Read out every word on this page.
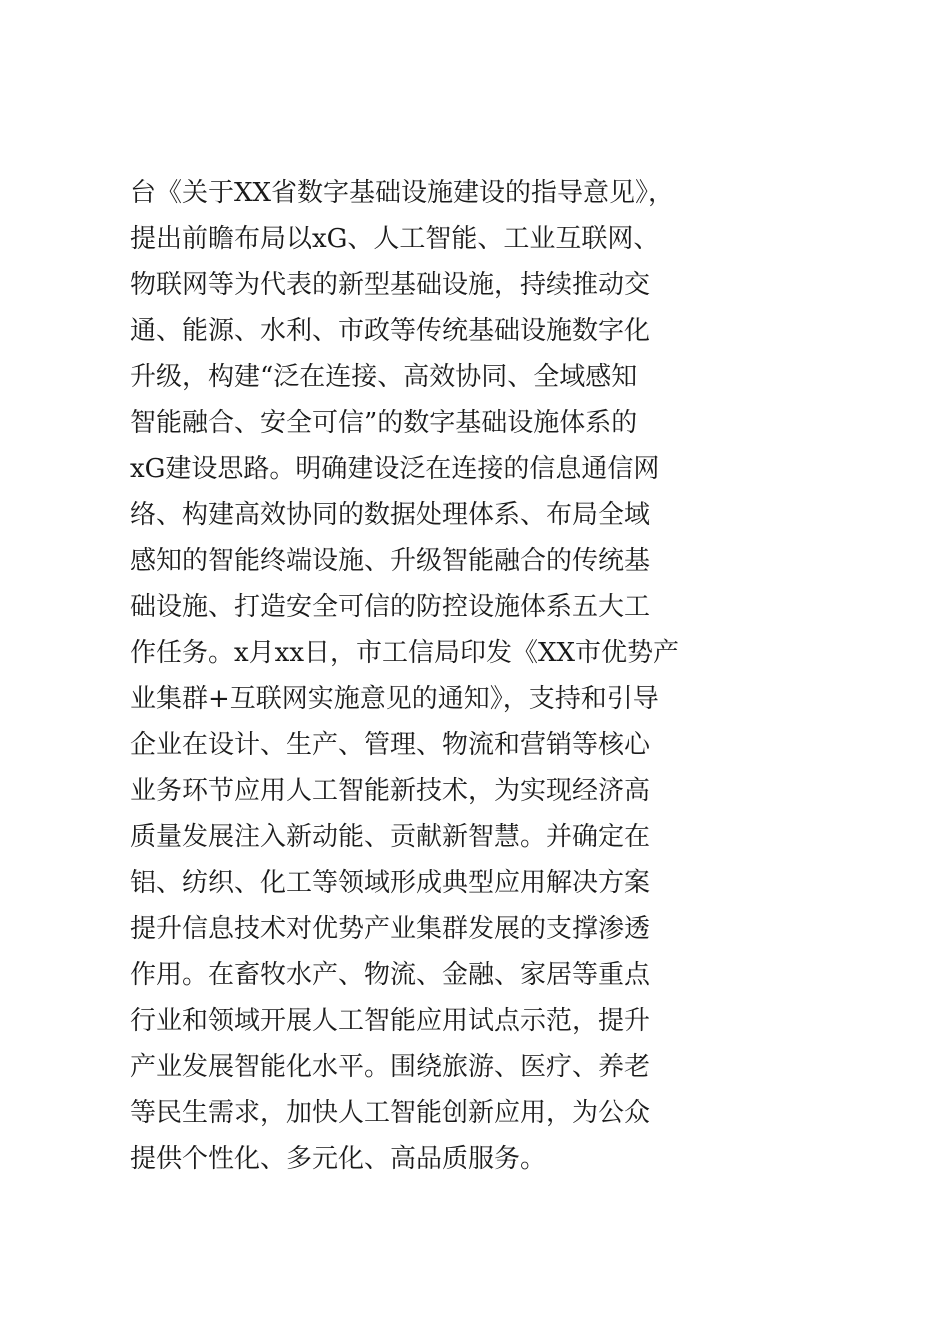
台《关于XX省数字基础设施建设的指导意见》，
提出前瞻布局以xG、人工智能、工业互联网、
物联网等为代表的新型基础设施，持续推动交
通、能源、水利、市政等传统基础设施数字化
升级，构建“泛在连接、高效协同、全域感知
智能融合、安全可信”的数字基础设施体系的
xG建设思路。明确建设泛在连接的信息通信网
络、构建高效协同的数据处理体系、布局全域
感知的智能终端设施、升级智能融合的传统基
础设施、打造安全可信的防控设施体系五大工
作任务。x月xx日，市工信局印发《XX市优势产
业集群+互联网实施意见的通知》，支持和引导
企业在设计、生产、管理、物流和营销等核心
业务环节应用人工智能新技术，为实现经济高
质量发展注入新动能、贡献新智慧。并确定在
铝、纺织、化工等领域形成典型应用解决方案
提升信息技术对优势产业集群发展的支撑渗透
作用。在畜牧水产、物流、金融、家居等重点
行业和领域开展人工智能应用试点示范，提升
产业发展智能化水平。围绕旅游、医疗、养老
等民生需求，加快人工智能创新应用，为公众
提供个性化、多元化、高品质服务。
